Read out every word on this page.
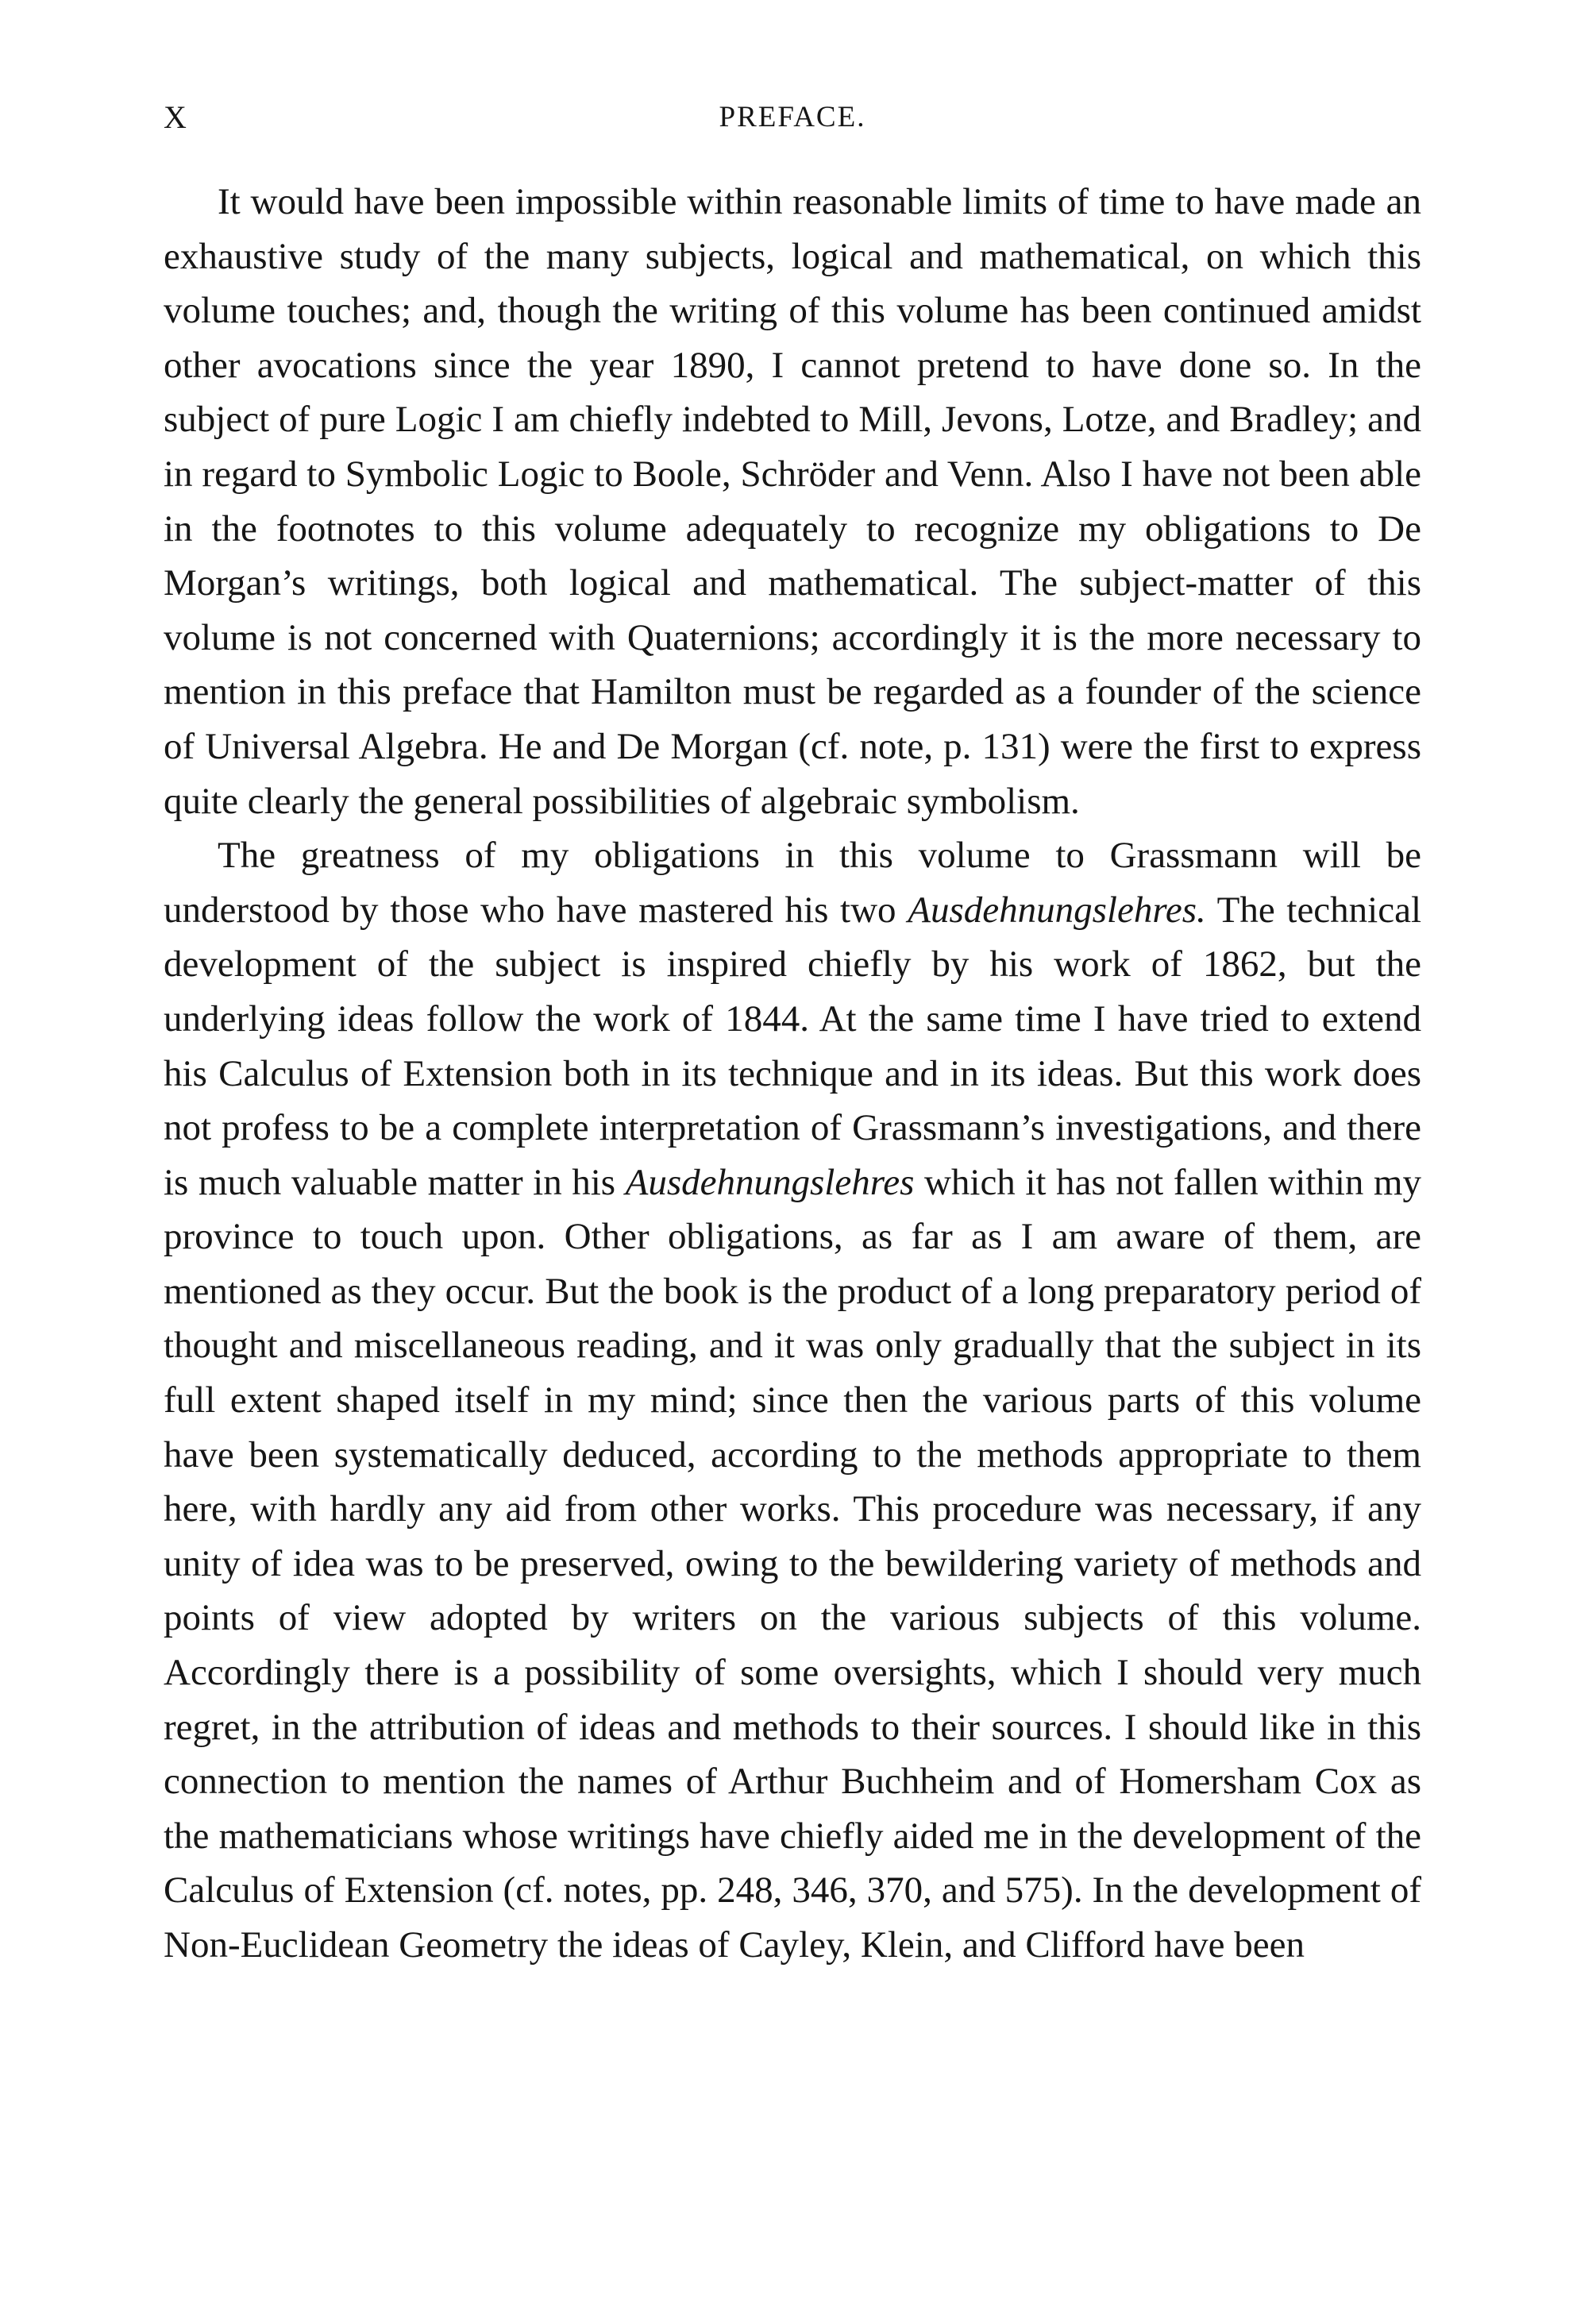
X	PREFACE.

It would have been impossible within reasonable limits of time to have made an exhaustive study of the many subjects, logical and mathematical, on which this volume touches; and, though the writing of this volume has been continued amidst other avocations since the year 1890, I cannot pretend to have done so. In the subject of pure Logic I am chiefly indebted to Mill, Jevons, Lotze, and Bradley; and in regard to Symbolic Logic to Boole, Schröder and Venn. Also I have not been able in the footnotes to this volume adequately to recognize my obligations to De Morgan’s writings, both logical and mathematical. The subject-matter of this volume is not concerned with Quaternions; accordingly it is the more necessary to mention in this preface that Hamilton must be regarded as a founder of the science of Universal Algebra. He and De Morgan (cf. note, p. 131) were the first to express quite clearly the general possibilities of algebraic symbolism.

The greatness of my obligations in this volume to Grassmann will be understood by those who have mastered his two Ausdehnungslehres. The technical development of the subject is inspired chiefly by his work of 1862, but the underlying ideas follow the work of 1844. At the same time I have tried to extend his Calculus of Extension both in its technique and in its ideas. But this work does not profess to be a complete interpretation of Grassmann’s investigations, and there is much valuable matter in his Ausdehnungslehres which it has not fallen within my province to touch upon. Other obligations, as far as I am aware of them, are mentioned as they occur. But the book is the product of a long preparatory period of thought and miscellaneous reading, and it was only gradually that the subject in its full extent shaped itself in my mind; since then the various parts of this volume have been systematically deduced, according to the methods appropriate to them here, with hardly any aid from other works. This procedure was necessary, if any unity of idea was to be preserved, owing to the bewildering variety of methods and points of view adopted by writers on the various subjects of this volume. Accordingly there is a possibility of some oversights, which I should very much regret, in the attribution of ideas and methods to their sources. I should like in this connection to mention the names of Arthur Buchheim and of Homersham Cox as the mathematicians whose writings have chiefly aided me in the development of the Calculus of Extension (cf. notes, pp. 248, 346, 370, and 575). In the development of Non-Euclidean Geometry the ideas of Cayley, Klein, and Clifford have been
